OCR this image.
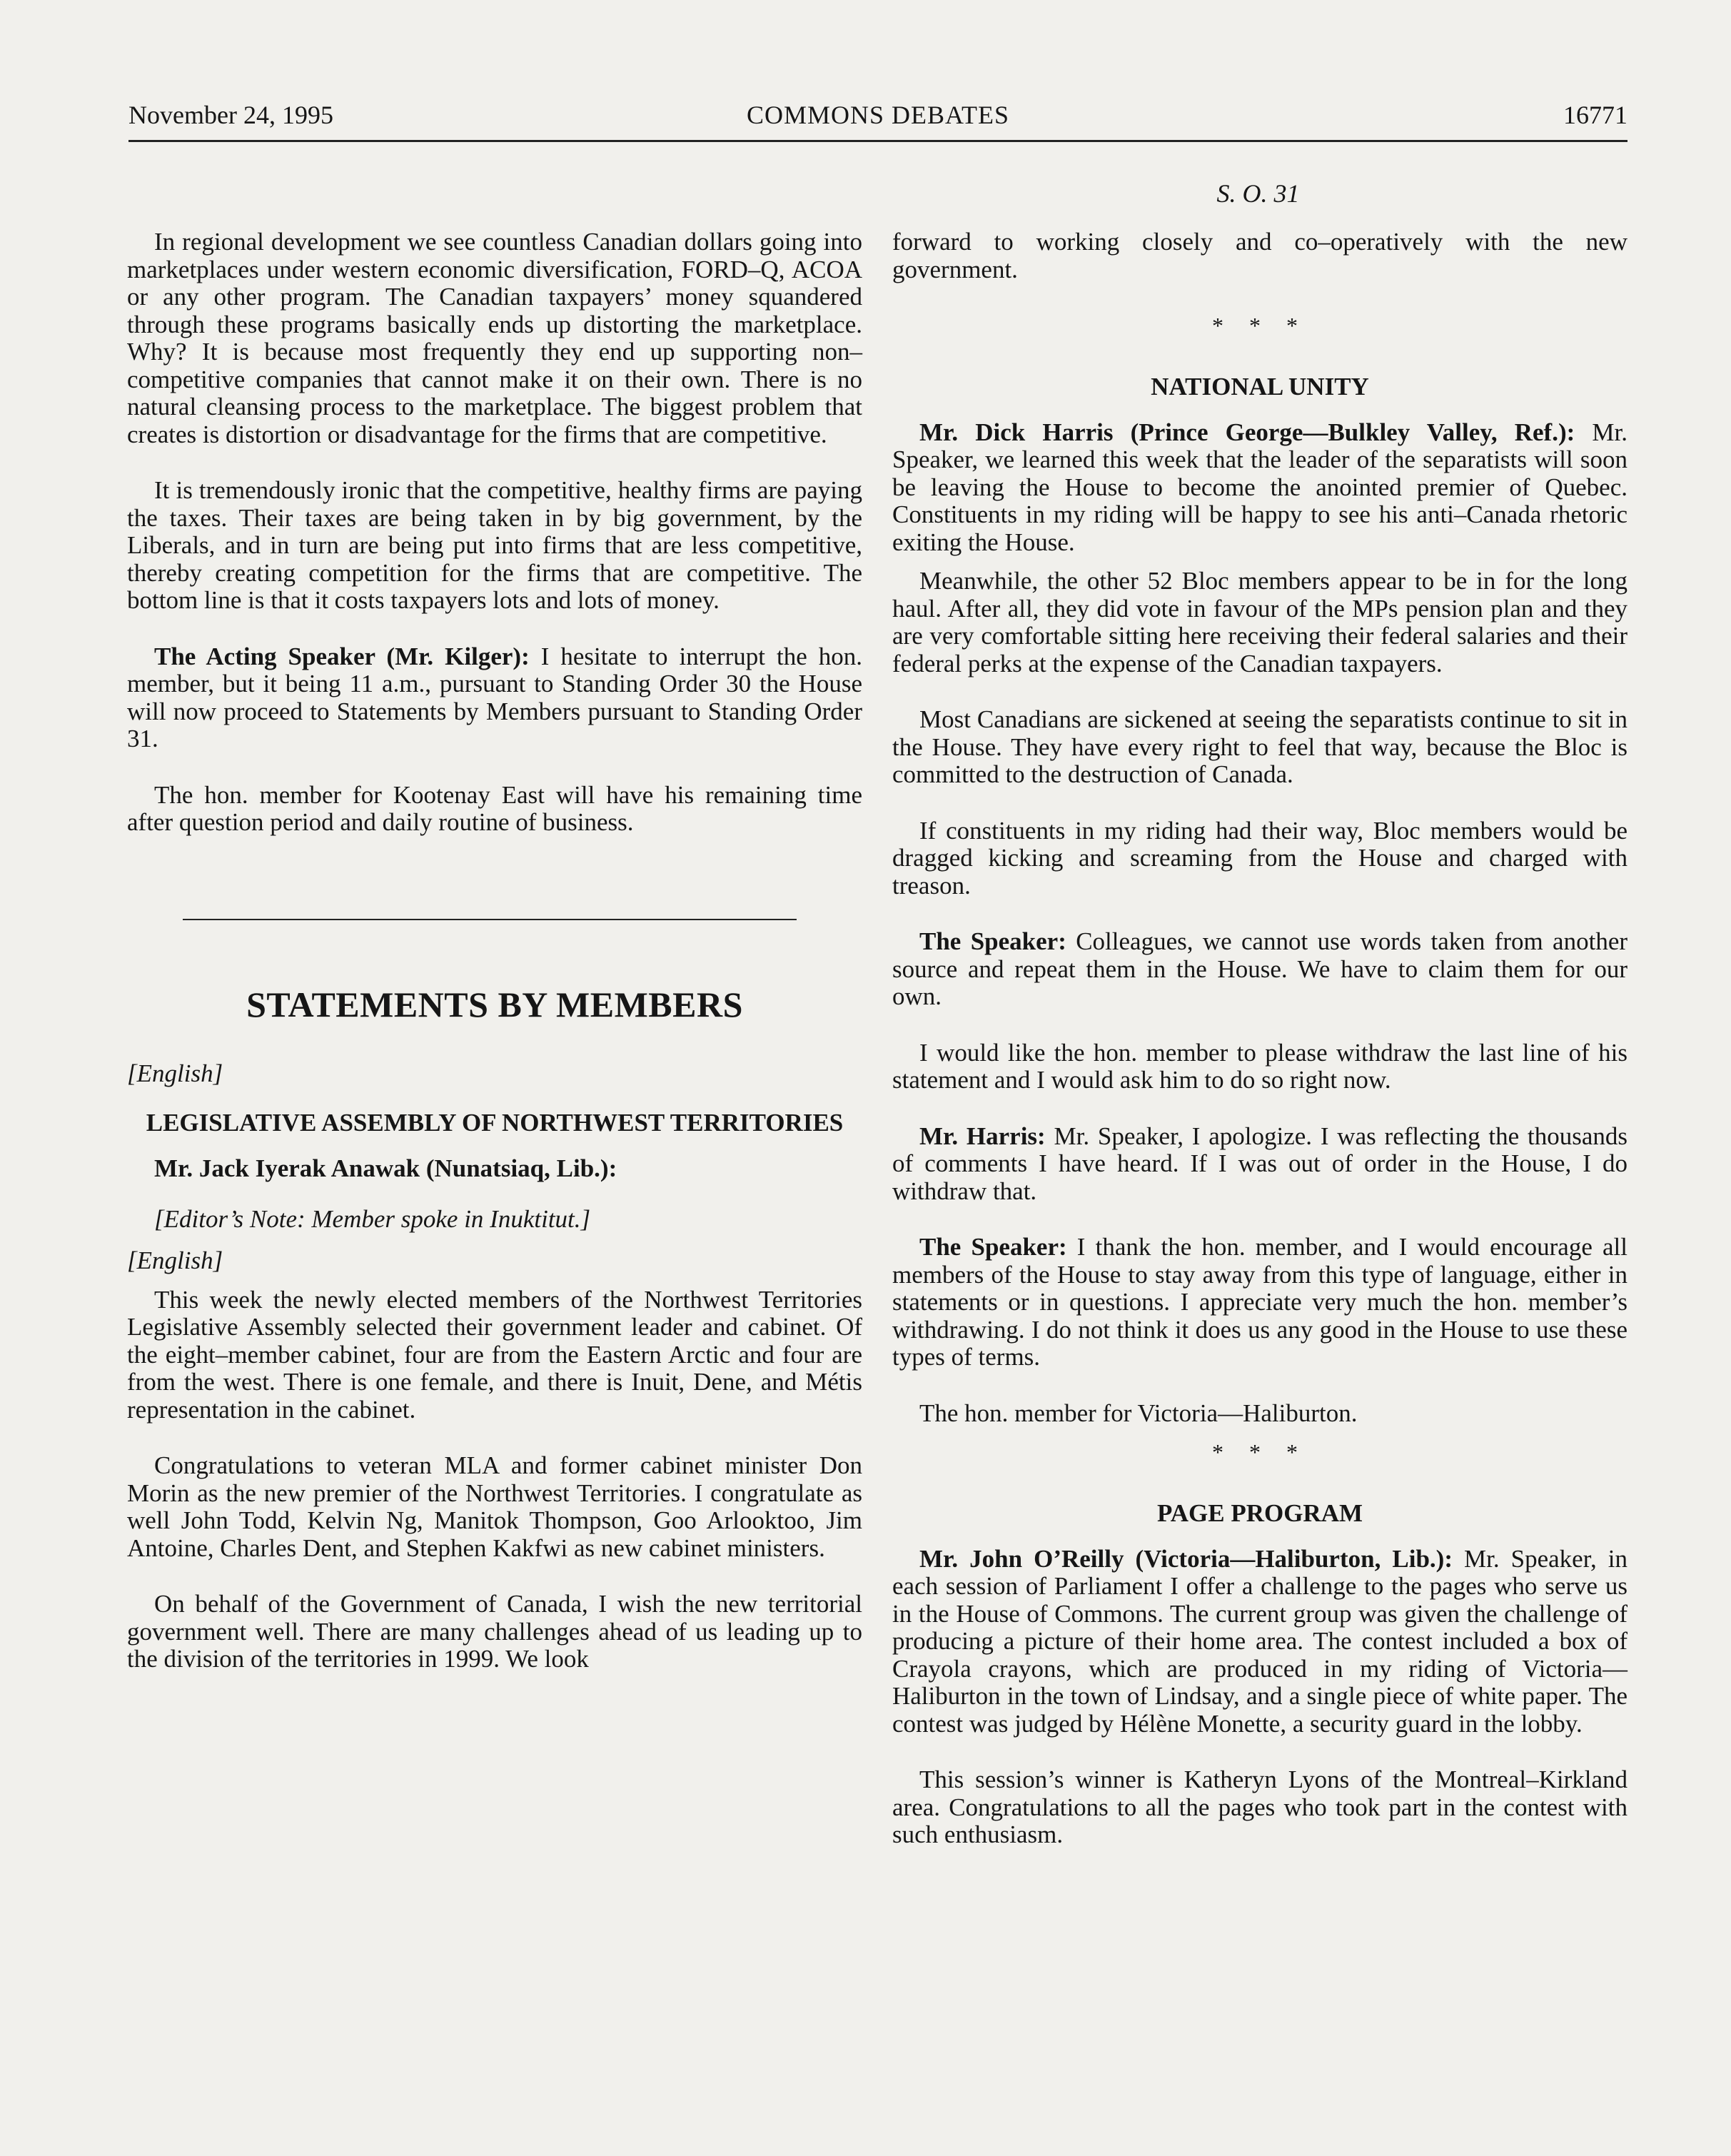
November 24, 1995	COMMONS DEBATES	16771
S. O. 31

In regional development we see countless Canadian dollars going into marketplaces under western economic diversification, FORD–Q, ACOA or any other program. The Canadian taxpayers’ money squandered through these programs basically ends up distorting the marketplace. Why? It is because most frequently they end up supporting non–competitive companies that cannot make it on their own. There is no natural cleansing process to the marketplace. The biggest problem that creates is distortion or disadvantage for the firms that are competitive.

It is tremendously ironic that the competitive, healthy firms are paying the taxes. Their taxes are being taken in by big government, by the Liberals, and in turn are being put into firms that are less competitive, thereby creating competition for the firms that are competitive. The bottom line is that it costs taxpayers lots and lots of money.

The Acting Speaker (Mr. Kilger): I hesitate to interrupt the hon. member, but it being 11 a.m., pursuant to Standing Order 30 the House will now proceed to Statements by Members pursuant to Standing Order 31.

The hon. member for Kootenay East will have his remaining time after question period and daily routine of business.

STATEMENTS BY MEMBERS
[English]
LEGISLATIVE ASSEMBLY OF NORTHWEST TERRITORIES
Mr. Jack Iyerak Anawak (Nunatsiaq, Lib.):
[Editor’s Note: Member spoke in Inuktitut.]
[English]

This week the newly elected members of the Northwest Territories Legislative Assembly selected their government leader and cabinet. Of the eight–member cabinet, four are from the Eastern Arctic and four are from the west. There is one female, and there is Inuit, Dene, and Métis representation in the cabinet.

Congratulations to veteran MLA and former cabinet minister Don Morin as the new premier of the Northwest Territories. I congratulate as well John Todd, Kelvin Ng, Manitok Thompson, Goo Arlooktoo, Jim Antoine, Charles Dent, and Stephen Kakfwi as new cabinet ministers.

On behalf of the Government of Canada, I wish the new territorial government well. There are many challenges ahead of us leading up to the division of the territories in 1999. We look

forward to working closely and co–operatively with the new government.

* * *
NATIONAL UNITY

Mr. Dick Harris (Prince George—Bulkley Valley, Ref.): Mr. Speaker, we learned this week that the leader of the separatists will soon be leaving the House to become the anointed premier of Quebec. Constituents in my riding will be happy to see his anti–Canada rhetoric exiting the House.

Meanwhile, the other 52 Bloc members appear to be in for the long haul. After all, they did vote in favour of the MPs pension plan and they are very comfortable sitting here receiving their federal salaries and their federal perks at the expense of the Canadian taxpayers.

Most Canadians are sickened at seeing the separatists continue to sit in the House. They have every right to feel that way, because the Bloc is committed to the destruction of Canada.

If constituents in my riding had their way, Bloc members would be dragged kicking and screaming from the House and charged with treason.

The Speaker: Colleagues, we cannot use words taken from another source and repeat them in the House. We have to claim them for our own.

I would like the hon. member to please withdraw the last line of his statement and I would ask him to do so right now.

Mr. Harris: Mr. Speaker, I apologize. I was reflecting the thousands of comments I have heard. If I was out of order in the House, I do withdraw that.

The Speaker: I thank the hon. member, and I would encourage all members of the House to stay away from this type of language, either in statements or in questions. I appreciate very much the hon. member’s withdrawing. I do not think it does us any good in the House to use these types of terms.

The hon. member for Victoria—Haliburton.

* * *
PAGE PROGRAM

Mr. John O’Reilly (Victoria—Haliburton, Lib.): Mr. Speaker, in each session of Parliament I offer a challenge to the pages who serve us in the House of Commons. The current group was given the challenge of producing a picture of their home area. The contest included a box of Crayola crayons, which are produced in my riding of Victoria—Haliburton in the town of Lindsay, and a single piece of white paper. The contest was judged by Hélène Monette, a security guard in the lobby.

This session’s winner is Katheryn Lyons of the Montreal–Kirkland area. Congratulations to all the pages who took part in the contest with such enthusiasm.
